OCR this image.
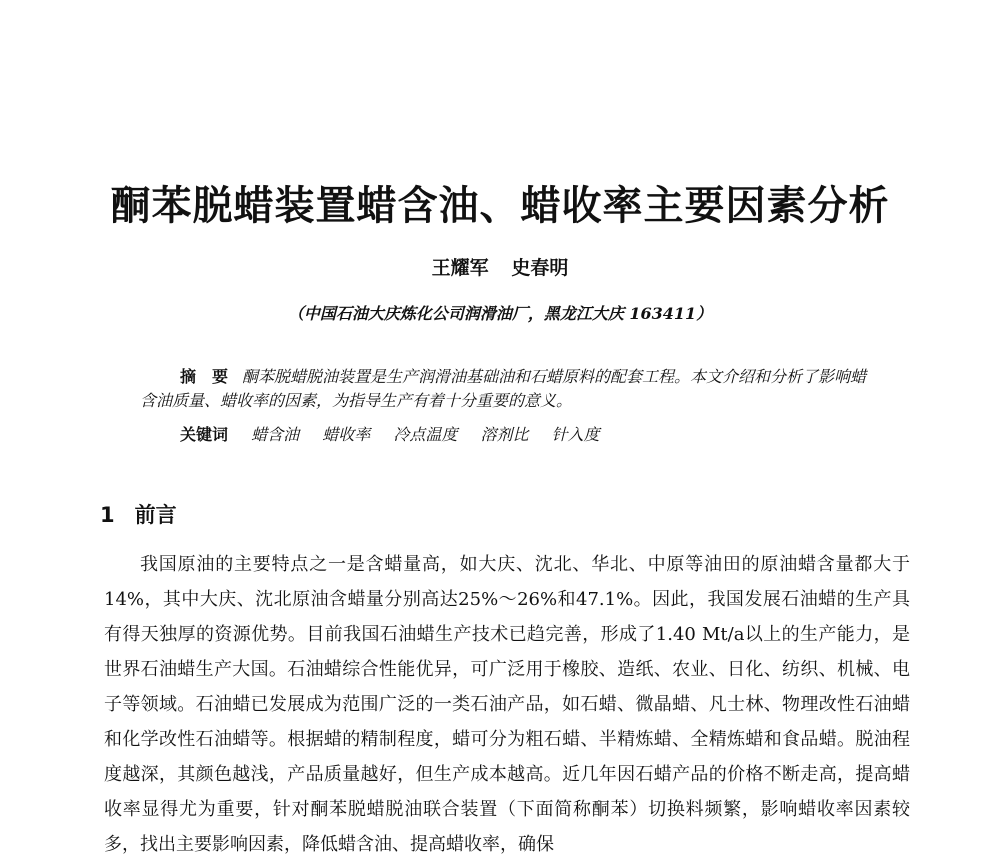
酮苯脱蜡装置蜡含油、蜡收率主要因素分析
王耀军 史春明
（中国石油大庆炼化公司润滑油厂，黑龙江大庆 163411）

摘　要 酮苯脱蜡脱油装置是生产润滑油基础油和石蜡原料的配套工程。本文介绍和分析了影响蜡含油质量、蜡收率的因素，为指导生产有着十分重要的意义。

关键词 蜡含油 蜡收率 冷点温度 溶剂比 针入度
1 前言

我国原油的主要特点之一是含蜡量高，如大庆、沈北、华北、中原等油田的原油蜡含量都大于14%，其中大庆、沈北原油含蜡量分别高达25%～26%和47.1%。因此，我国发展石油蜡的生产具有得天独厚的资源优势。目前我国石油蜡生产技术已趋完善，形成了1.40 Mt/a以上的生产能力，是世界石油蜡生产大国。石油蜡综合性能优异，可广泛用于橡胶、造纸、农业、日化、纺织、机械、电子等领域。石油蜡已发展成为范围广泛的一类石油产品，如石蜡、微晶蜡、凡士林、物理改性石油蜡和化学改性石油蜡等。根据蜡的精制程度，蜡可分为粗石蜡、半精炼蜡、全精炼蜡和食品蜡。脱油程度越深，其颜色越浅，产品质量越好，但生产成本越高。近几年因石蜡产品的价格不断走高，提高蜡收率显得尤为重要，针对酮苯脱蜡脱油联合装置（下面简称酮苯）切换料频繁，影响蜡收率因素较多，找出主要影响因素，降低蜡含油、提高蜡收率，确保
